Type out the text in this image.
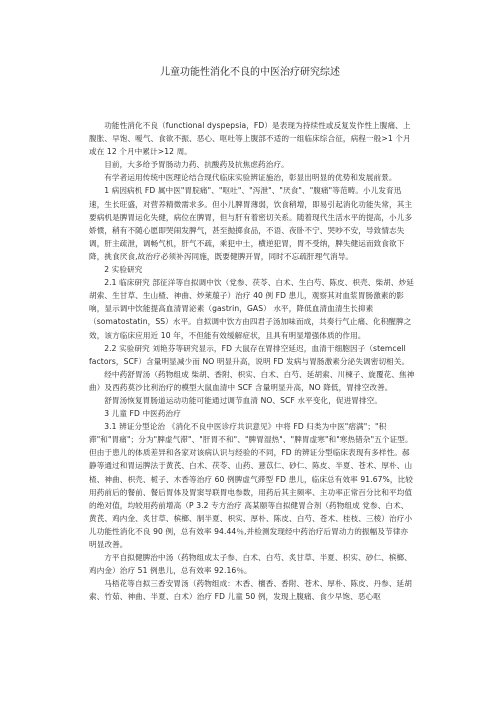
儿童功能性消化不良的中医治疗研究综述

功能性消化不良（functional dyspepsia，FD）是表现为持续性或反复发作性上腹痛、上腹胀、早饱、嗳气、食欲不振、恶心、呕吐等上腹部不适的一组临床综合征，病程一般>1 个月或在 12 个月中累计>12 周。

目前，大多给予胃肠动力药、抗酸药及抗焦虑药治疗。

有学者运用传统中医理论结合现代临床实验辨证施治，彰显出明显的优势和发展前景。

1 病因病机 FD 属中医"胃脘痛"、"呕吐"、"泻泄"、"厌食"、"腹痛"等范畴。小儿发育迅速，生长旺盛，对营养精微需求多。但小儿脾胃薄弱，饮食稍增，即易引起消化功能失常，其主要病机是脾胃运化失健，病位在脾胃，但与肝有着密切关系。随着现代生活水平的提高，小儿多娇惯，稍有不随心愿即哭闹发脾气，甚至抛掷食品，不语、夜卧不宁、哭吵不安，导致情志失调，肝主疏泄，调畅气机，肝气不疏，乘犯中土，横逆犯胃，胃不受纳，脾失健运而致食欲下降，挑食厌食,故治疗必须补泻同施，既要健脾开胃，同时不忘疏肝理气消导。

2 实验研究

2.1 临床研究 部征洋等自拟调中饮（党参、茯苓、白术、生白芍、陈皮、枳壳、柴胡、炒延胡索、生甘草、生山楂、神曲、炒莱菔子）治疗 40 例 FD 患儿，观察其对血浆胃肠激素的影响，显示调中饮能提高血清胃泌素（gastrin，GAS） 水平，降低血清血清生长抑素（somatostatin，SS）水平。自拟调中饮方由四君子汤加味而成，共奏行气止痛、化积醒脾之效，该方临床应用近 10 年，不但能有效缓解症状，且具有明显增强体质的作用。

2.2 实验研究 刘艳芬等研究显示，FD 大鼠存在胃排空延迟，血清干细胞因子（stemcell factors，SCF）含量明显减少而 NO 明显升高，说明 FD 发病与胃肠激素分泌失调密切相关。

经中药舒胃汤（药物组成 柴胡、香附、枳实、白术、白芍、延胡索、川楝子、旋覆花、焦神曲）及西药莫沙比利治疗的模型大鼠血清中 SCF 含量明显升高，NO 降低，胃排空改善。

舒胃汤恢复胃肠道运动功能可能通过调节血清 NO、SCF 水平变化，促进胃排空。

3 儿童 FD 中医药治疗

3.1 辨证分型论治 《消化不良中医诊疗共识意见》中将 FD 归类为中医"痞满"；"积滞"和"胃痛"；分为"脾虚气滞"、"肝胃不和"、"脾胃湿热"、"脾胃虚寒"和"寒热错杂"五个证型。但由于患儿的体质差异和各家对该病认识与经验的不同，FD 的辨证分型临床表现有多样性。郝静等通过和胃运脾法于黄芪、白术、茯苓、山药、薏苡仁、砂仁、陈皮、半夏、苍术、厚朴、山楂、神曲、枳壳、栀子、木香等治疗 60 例脾虚气滞型 FD 患儿，临床总有效率 91.67%，比较用药前后的餐前、餐后胃体及胃窦导联胃电参数，用药后其主频率、主功率正常百分比和平均值的绝对值，均较用药前增高（P 3.2 专方治疗 高某颐等自拟健胃合剂（药物组成 党参、白术、黄芪、鸡内金、炙甘草、槟榔、制半夏、枳实、厚朴、陈皮、白芍、苍术、桂枝、三棱）治疗小儿功能性消化不良 90 例，总有效率 94.44％,并检测发现经中药治疗后胃动力的振幅及节律亦明显改善。

方平自拟健脾治中汤（药物组成太子参、白术、白芍、炙甘草、半夏、枳实、砂仁、槟榔、鸡内金）治疗 51 例患儿，总有效率 92.16％。

马梧花等自拟三香安胃汤（药物组成：木香、檀香、香附、苍术、厚朴、陈皮、丹参、延胡索、竹茹、神曲、半夏、白术）治疗 FD 儿童 50 例，发现上腹痛、食少早饱、恶心呕
